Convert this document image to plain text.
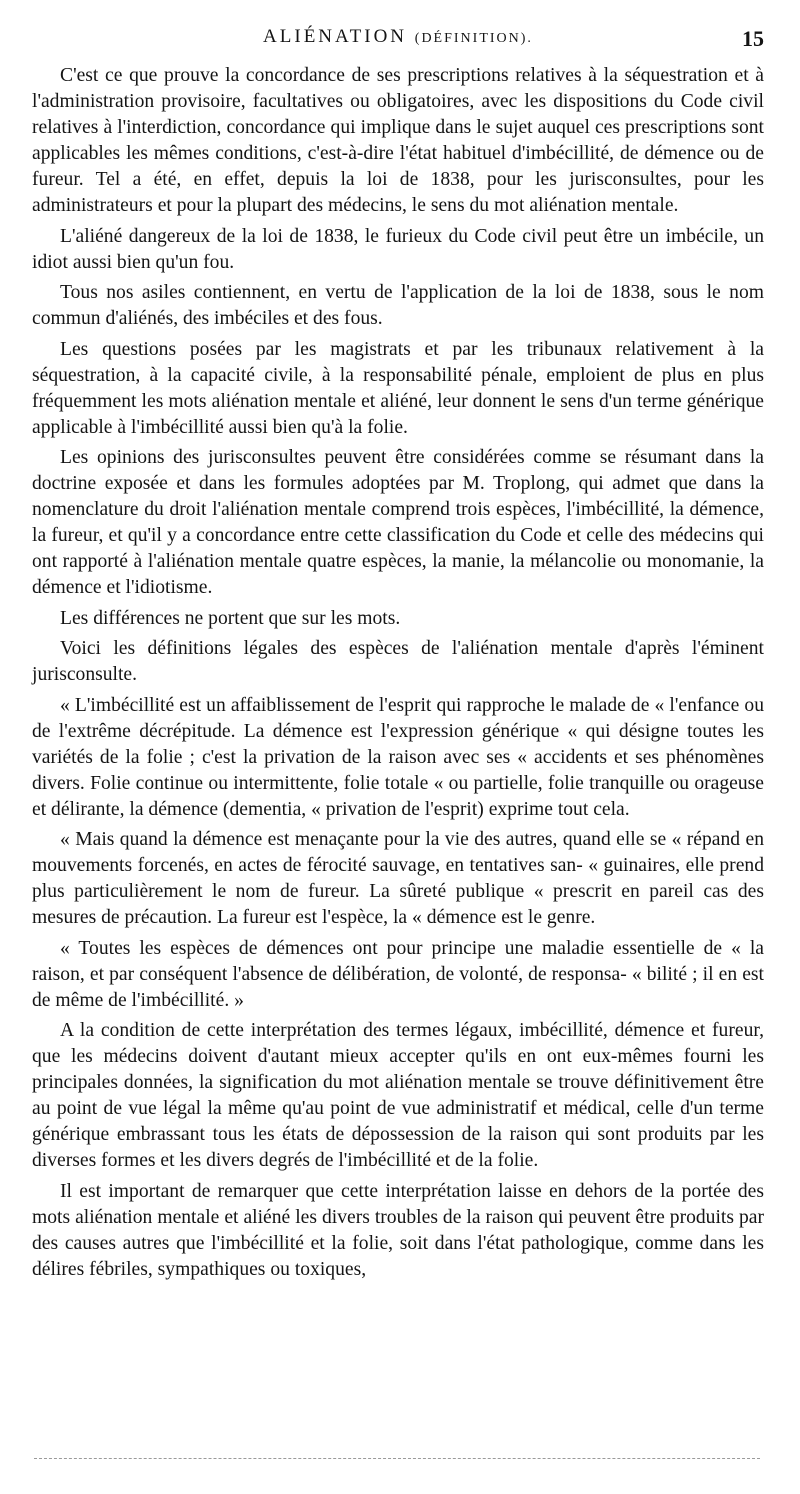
ALIÉNATION (DÉFINITION).	15

C'est ce que prouve la concordance de ses prescriptions relatives à la séquestration et à l'administration provisoire, facultatives ou obligatoires, avec les dispositions du Code civil relatives à l'interdiction, concordance qui implique dans le sujet auquel ces prescriptions sont applicables les mêmes conditions, c'est-à-dire l'état habituel d'imbécillité, de démence ou de fureur. Tel a été, en effet, depuis la loi de 1838, pour les jurisconsultes, pour les administrateurs et pour la plupart des médecins, le sens du mot aliénation mentale.

L'aliéné dangereux de la loi de 1838, le furieux du Code civil peut être un imbécile, un idiot aussi bien qu'un fou.

Tous nos asiles contiennent, en vertu de l'application de la loi de 1838, sous le nom commun d'aliénés, des imbéciles et des fous.

Les questions posées par les magistrats et par les tribunaux relativement à la séquestration, à la capacité civile, à la responsabilité pénale, emploient de plus en plus fréquemment les mots aliénation mentale et aliéné, leur donnent le sens d'un terme générique applicable à l'imbécillité aussi bien qu'à la folie.

Les opinions des jurisconsultes peuvent être considérées comme se résumant dans la doctrine exposée et dans les formules adoptées par M. Troplong, qui admet que dans la nomenclature du droit l'aliénation mentale comprend trois espèces, l'imbécillité, la démence, la fureur, et qu'il y a concordance entre cette classification du Code et celle des médecins qui ont rapporté à l'aliénation mentale quatre espèces, la manie, la mélancolie ou monomanie, la démence et l'idiotisme.

Les différences ne portent que sur les mots.

Voici les définitions légales des espèces de l'aliénation mentale d'après l'éminent jurisconsulte.

« L'imbécillité est un affaiblissement de l'esprit qui rapproche le malade de « l'enfance ou de l'extrême décrépitude. La démence est l'expression générique « qui désigne toutes les variétés de la folie ; c'est la privation de la raison avec ses « accidents et ses phénomènes divers. Folie continue ou intermittente, folie totale « ou partielle, folie tranquille ou orageuse et délirante, la démence (dementia, « privation de l'esprit) exprime tout cela.

« Mais quand la démence est menaçante pour la vie des autres, quand elle se « répand en mouvements forcenés, en actes de férocité sauvage, en tentatives san- « guinaires, elle prend plus particulièrement le nom de fureur. La sûreté publique « prescrit en pareil cas des mesures de précaution. La fureur est l'espèce, la « démence est le genre.

« Toutes les espèces de démences ont pour principe une maladie essentielle de « la raison, et par conséquent l'absence de délibération, de volonté, de responsa- « bilité ; il en est de même de l'imbécillité. »

A la condition de cette interprétation des termes légaux, imbécillité, démence et fureur, que les médecins doivent d'autant mieux accepter qu'ils en ont eux-mêmes fourni les principales données, la signification du mot aliénation mentale se trouve définitivement être au point de vue légal la même qu'au point de vue administratif et médical, celle d'un terme générique embrassant tous les états de dépossession de la raison qui sont produits par les diverses formes et les divers degrés de l'imbécillité et de la folie.

Il est important de remarquer que cette interprétation laisse en dehors de la portée des mots aliénation mentale et aliéné les divers troubles de la raison qui peuvent être produits par des causes autres que l'imbécillité et la folie, soit dans l'état pathologique, comme dans les délires fébriles, sympathiques ou toxiques,
